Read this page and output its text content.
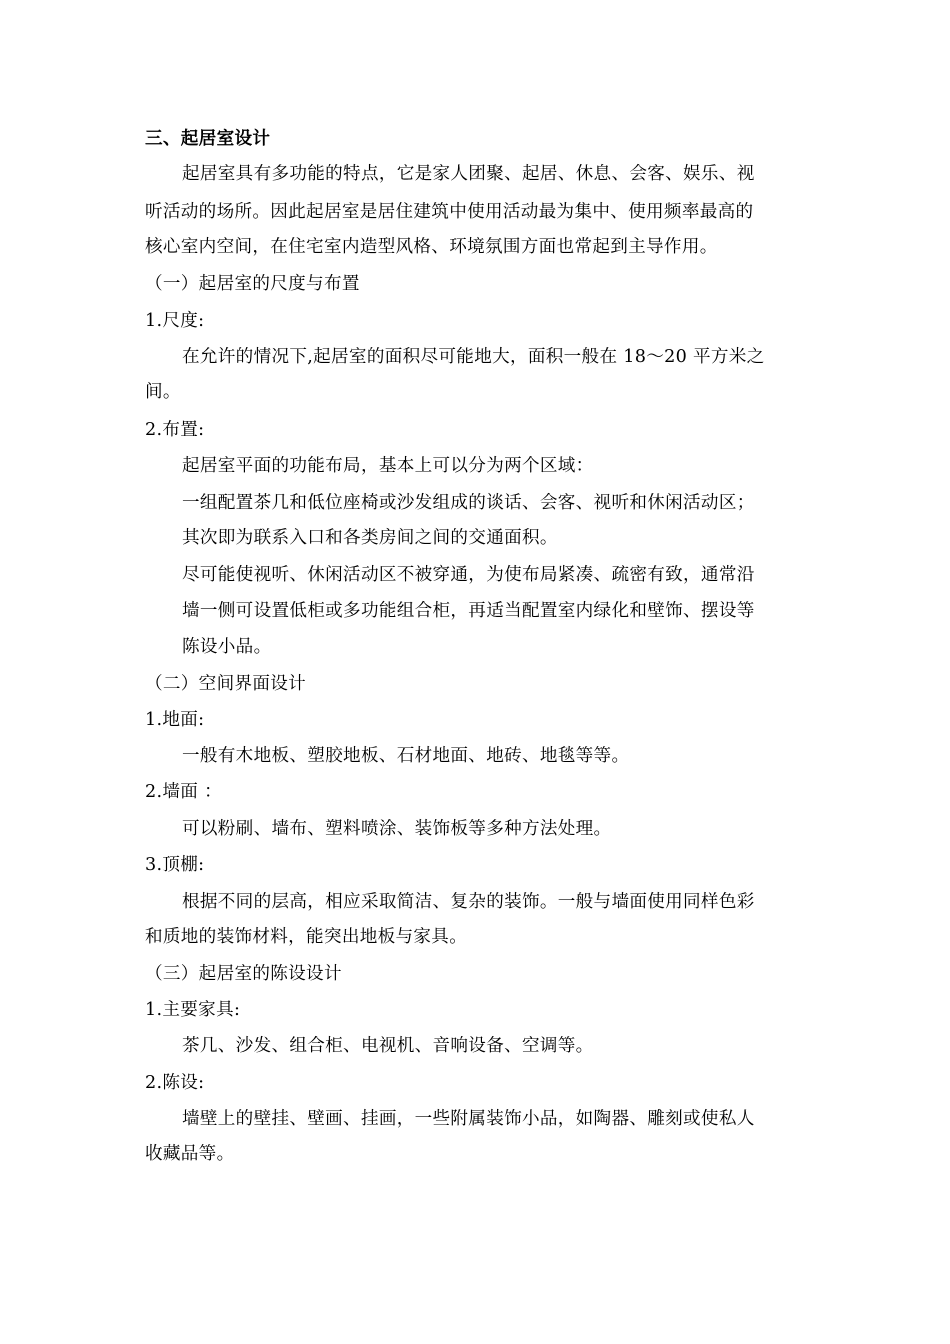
三、起居室设计
起居室具有多功能的特点，它是家人团聚、起居、休息、会客、娱乐、视
听活动的场所。因此起居室是居住建筑中使用活动最为集中、使用频率最高的
核心室内空间，在住宅室内造型风格、环境氛围方面也常起到主导作用。
（一）起居室的尺度与布置
1.尺度:
在允许的情况下,起居室的面积尽可能地大，面积一般在 18～20 平方米之
间。
2.布置:
起居室平面的功能布局，基本上可以分为两个区域：
一组配置茶几和低位座椅或沙发组成的谈话、会客、视听和休闲活动区；
其次即为联系入口和各类房间之间的交通面积。
尽可能使视听、休闲活动区不被穿通，为使布局紧凑、疏密有致，通常沿
墙一侧可设置低柜或多功能组合柜，再适当配置室内绿化和壁饰、摆设等
陈设小品。
（二）空间界面设计
1.地面:
一般有木地板、塑胶地板、石材地面、地砖、地毯等等。
2.墙面 ：
可以粉刷、墙布、塑料喷涂、装饰板等多种方法处理。
3.顶棚:
根据不同的层高，相应采取简洁、复杂的装饰。一般与墙面使用同样色彩
和质地的装饰材料，能突出地板与家具。
（三）起居室的陈设设计
1.主要家具:
茶几、沙发、组合柜、电视机、音响设备、空调等。
2.陈设:
墙壁上的壁挂、壁画、挂画，一些附属装饰小品，如陶器、雕刻或使私人
收藏品等。
